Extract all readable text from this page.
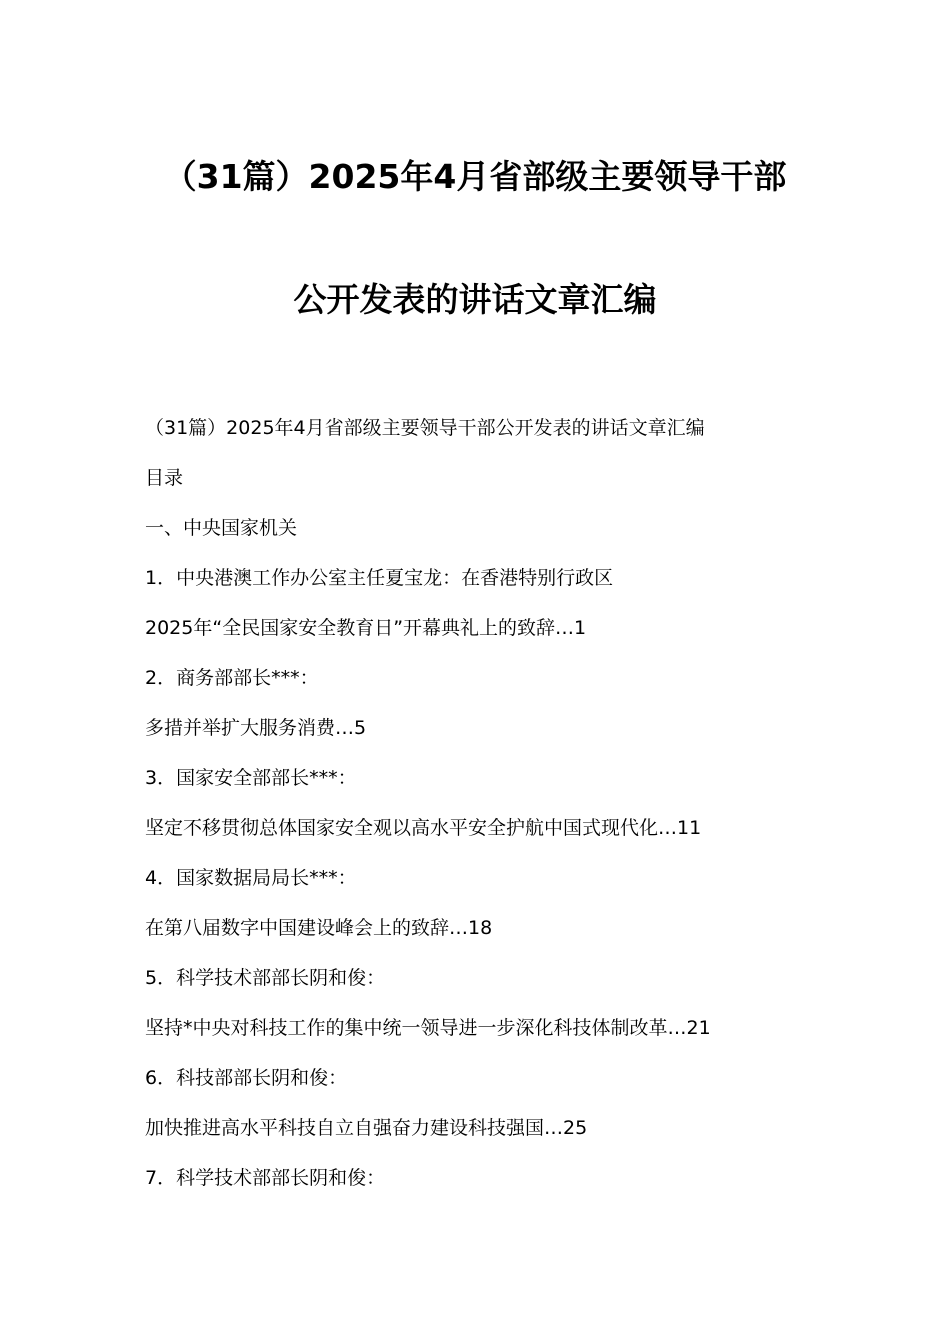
（31篇）2025年4月省部级主要领导干部
公开发表的讲话文章汇编
（31篇）2025年4月省部级主要领导干部公开发表的讲话文章汇编
目录
一、中央国家机关
1．中央港澳工作办公室主任夏宝龙：在香港特别行政区
2025年“全民国家安全教育日”开幕典礼上的致辞…1
2．商务部部长***：
多措并举扩大服务消费…5
3．国家安全部部长***：
坚定不移贯彻总体国家安全观以高水平安全护航中国式现代化…11
4．国家数据局局长***：
在第八届数字中国建设峰会上的致辞…18
5．科学技术部部长阴和俊：
坚持*中央对科技工作的集中统一领导进一步深化科技体制改革…21
6．科技部部长阴和俊：
加快推进高水平科技自立自强奋力建设科技强国…25
7．科学技术部部长阴和俊：
